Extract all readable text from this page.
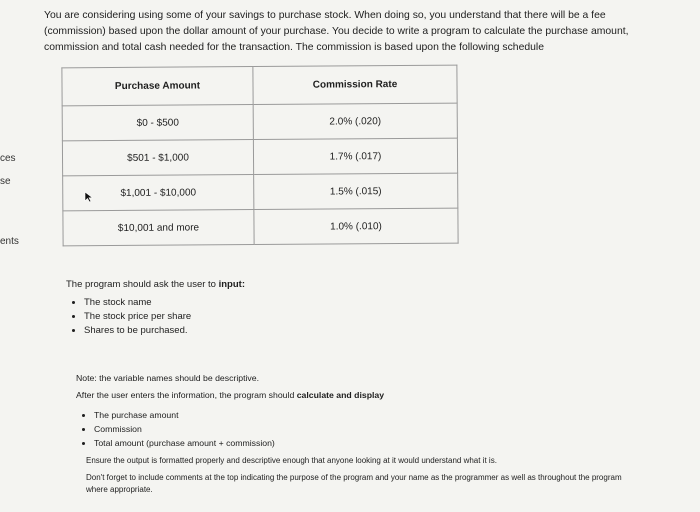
ces
se
ents

You are considering using some of your savings to purchase stock. When doing so, you understand that there will be a fee (commission) based upon the dollar amount of your purchase. You decide to write a program to calculate the purchase amount, commission and total cash needed for the transaction. The commission is based upon the following schedule

Purchase Amount	Commission Rate
$0 - $500	2.0% (.020)
$501 - $1,000	1.7% (.017)
$1,001 - $10,000	1.5% (.015)
$10,001 and more	1.0% (.010)

The program should ask the user to input:

• The stock name
• The stock price per share
• Shares to be purchased.

Note: the variable names should be descriptive.

After the user enters the information, the program should calculate and display

• The purchase amount
• Commission
• Total amount (purchase amount + commission)

Ensure the output is formatted properly and descriptive enough that anyone looking at it would understand what it is.

Don't forget to include comments at the top indicating the purpose of the program and your name as the programmer as well as throughout the program where appropriate.
